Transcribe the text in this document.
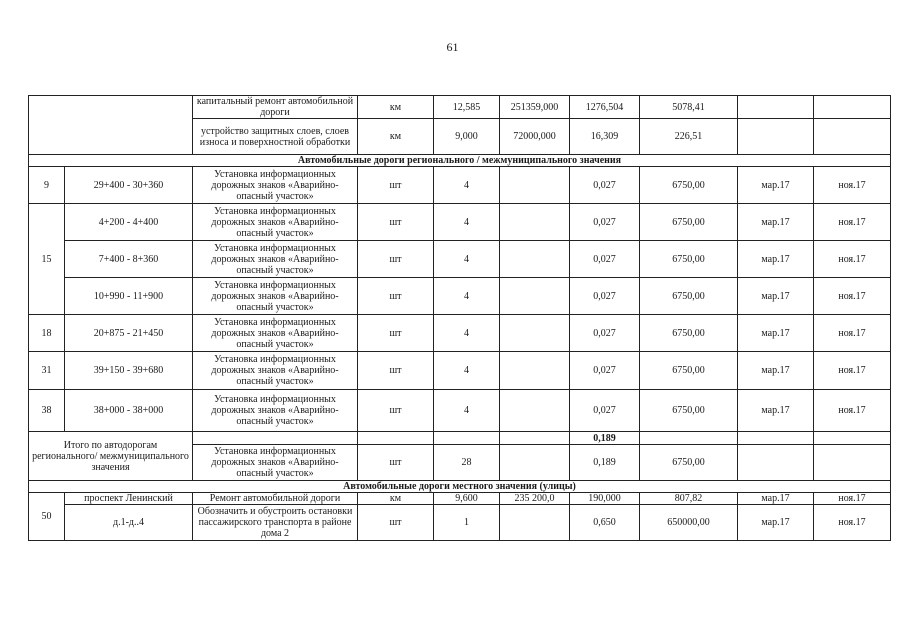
61
		капитальный ремонт автомобильной дороги	км	12,585	251359,000	1276,504	5078,41		
		устройство защитных слоев, слоев износа и поверхностной обработки	км	9,000	72000,000	16,309	226,51		
Автомобильные дороги регионального / межмуниципального значения									
9	29+400 - 30+360	Установка информационных дорожных знаков «Аварийно-опасный участок»	шт	4		0,027	6750,00	мар.17	ноя.17
15	4+200 - 4+400	Установка информационных дорожных знаков «Аварийно-опасный участок»	шт	4		0,027	6750,00	мар.17	ноя.17
	7+400 - 8+360	Установка информационных дорожных знаков «Аварийно-опасный участок»	шт	4		0,027	6750,00	мар.17	ноя.17
	10+990 - 11+900	Установка информационных дорожных знаков «Аварийно-опасный участок»	шт	4		0,027	6750,00	мар.17	ноя.17
18	20+875 - 21+450	Установка информационных дорожных знаков «Аварийно-опасный участок»	шт	4		0,027	6750,00	мар.17	ноя.17
31	39+150 - 39+680	Установка информационных дорожных знаков «Аварийно-опасный участок»	шт	4		0,027	6750,00	мар.17	ноя.17
38	38+000 - 38+000	Установка информационных дорожных знаков «Аварийно-опасный участок»	шт	4		0,027	6750,00	мар.17	ноя.17
Итого по автодорогам регионального/ межмуниципального значения						0,189			
		Установка информационных дорожных знаков «Аварийно-опасный участок»	шт	28		0,189	6750,00		
Автомобильные дороги местного значения (улицы)									
50	проспект Ленинский	Ремонт автомобильной дороги	км	9,600	235 200,0	190,000	807,82	мар.17	ноя.17
	д.1-д..4	Обозначить и обустроить остановки пассажирского транспорта в районе дома 2	шт	1		0,650	650000,00	мар.17	ноя.17
